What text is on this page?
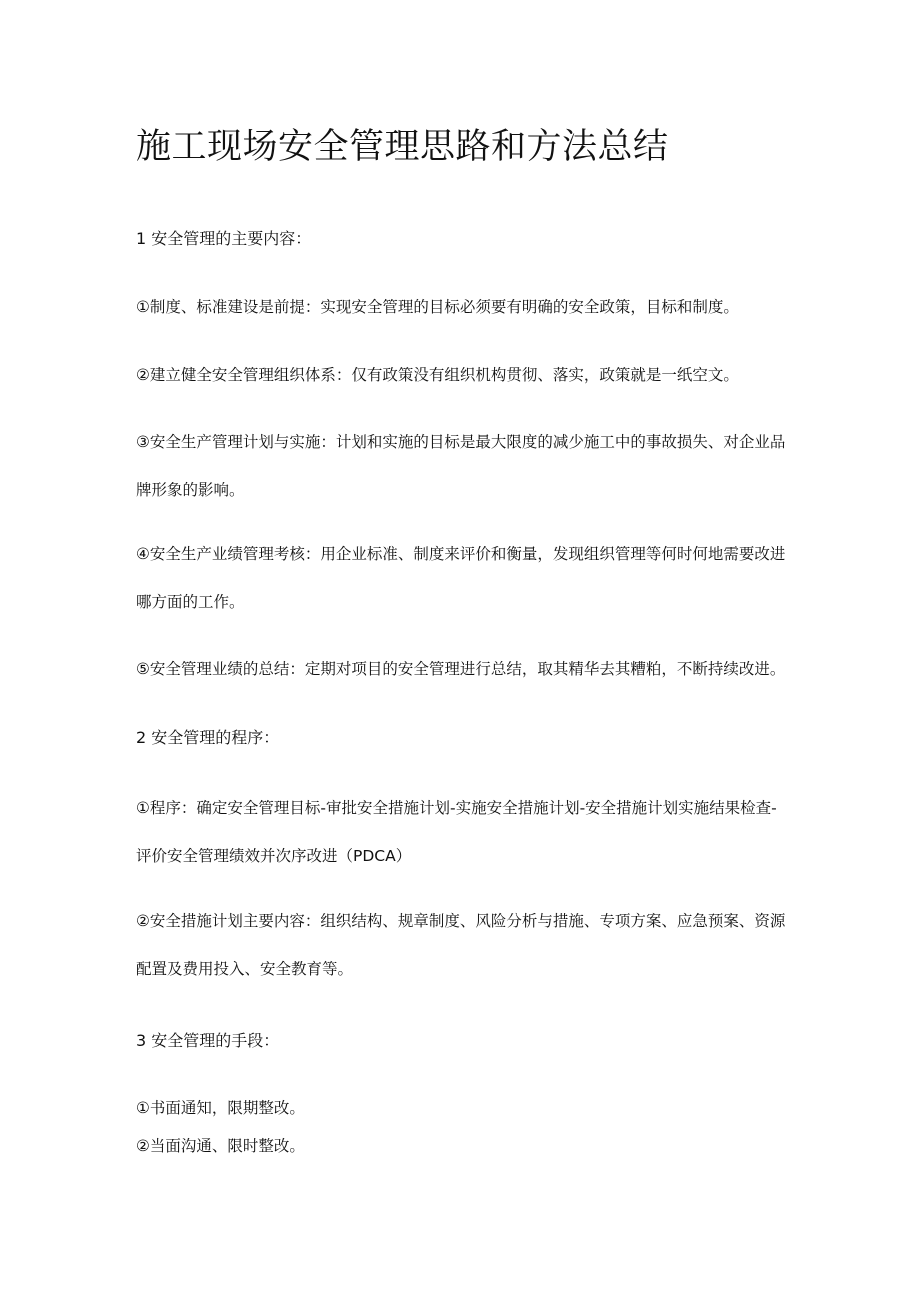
施工现场安全管理思路和方法总结

1 安全管理的主要内容：

①制度、标准建设是前提：实现安全管理的目标必须要有明确的安全政策，目标和制度。

②建立健全安全管理组织体系：仅有政策没有组织机构贯彻、落实，政策就是一纸空文。

③安全生产管理计划与实施：计划和实施的目标是最大限度的减少施工中的事故损失、对企业品

牌形象的影响。

④安全生产业绩管理考核：用企业标准、制度来评价和衡量，发现组织管理等何时何地需要改进

哪方面的工作。

⑤安全管理业绩的总结：定期对项目的安全管理进行总结，取其精华去其糟粕，不断持续改进。

2 安全管理的程序：

①程序：确定安全管理目标-审批安全措施计划-实施安全措施计划-安全措施计划实施结果检查-

评价安全管理绩效并次序改进（PDCA）

②安全措施计划主要内容：组织结构、规章制度、风险分析与措施、专项方案、应急预案、资源

配置及费用投入、安全教育等。

3 安全管理的手段：

①书面通知，限期整改。

②当面沟通、限时整改。
